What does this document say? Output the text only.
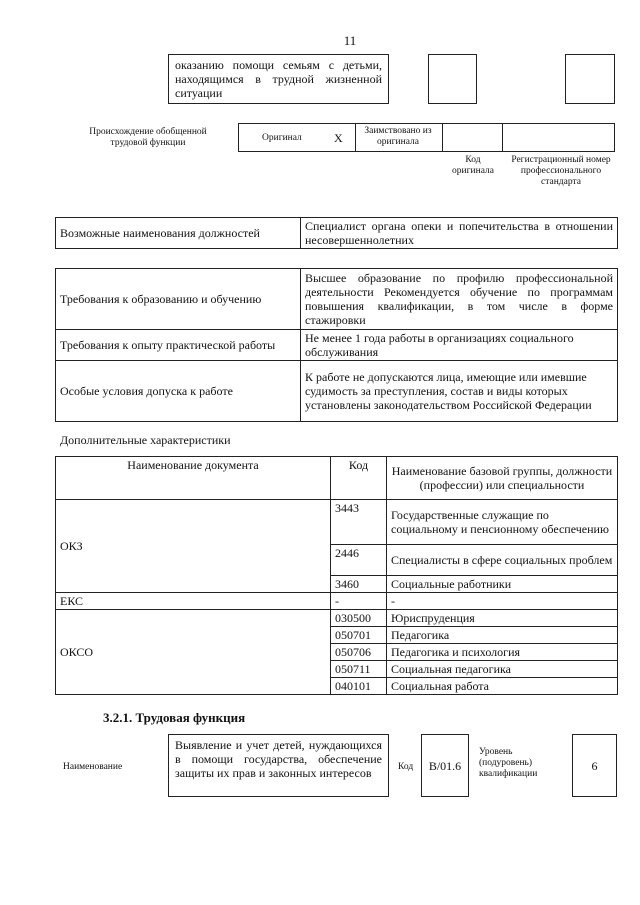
11
оказанию помощи семьям с детьми, находящимся в трудной жизненной ситуации
Происхождение обобщенной трудовой функции	Оригинал	X	Заимствовано из оригинала
Код оригинала
Регистрационный номер профессионального стандарта
Возможные наименования должностей	Специалист органа опеки и попечительства в отношении несовершеннолетних
Требования к образованию и обучению	Высшее образование по профилю профессиональной деятельности Рекомендуется обучение по программам повышения квалификации, в том числе в форме стажировки
Требования к опыту практической работы	Не менее 1 года работы в организациях социального обслуживания
Особые условия допуска к работе	К работе не допускаются лица, имеющие или имевшие судимость за преступления, состав и виды которых установлены законодательством Российской Федерации
Дополнительные характеристики
Наименование документа	Код	Наименование базовой группы, должности (профессии) или специальности
ОКЗ	3443	Государственные служащие по социальному и пенсионному обеспечению
	2446	Специалисты в сфере социальных проблем
	3460	Социальные работники
ЕКС	-	-
ОКСО	030500	Юриспруденция
	050701	Педагогика
	050706	Педагогика и психология
	050711	Социальная педагогика
	040101	Социальная работа
3.2.1. Трудовая функция
Наименование
Выявление и учет детей, нуждающихся в помощи государства, обеспечение защиты их прав и законных интересов	Код	B/01.6
Уровень (подуровень) квалификации
6
